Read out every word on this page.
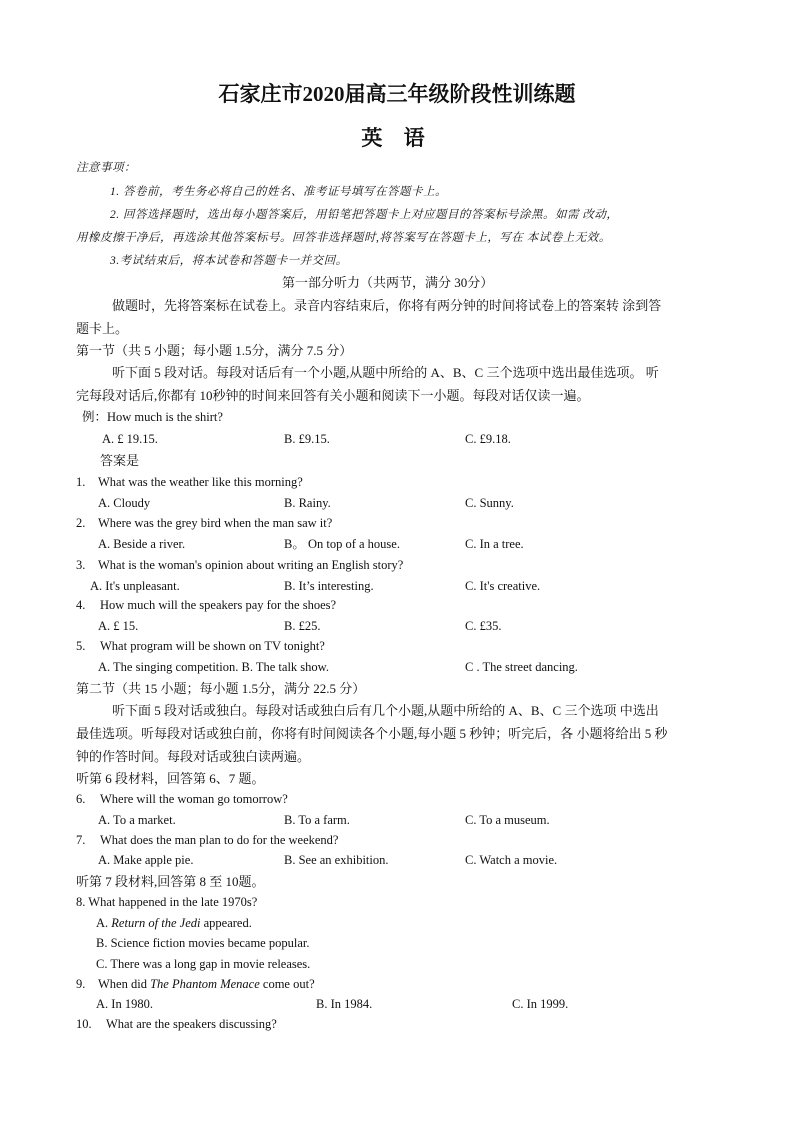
石家庄市2020届高三年级阶段性训练题
英 语
注意事项：
1. 答卷前，考生务必将自己的姓名、准考证号填写在答题卡上。
2. 回答选择题时，选出每小题答案后，用铅笔把答题卡上对应题目的答案标号涂黑。如需 改动，
用橡皮擦干净后，再选涂其他答案标号。回答非选择题时,将答案写在答题卡上，写在 本试卷上无效。
3.考试结束后，将本试卷和答题卡一并交回。
第一部分听力（共两节，满分 30分）
做题时，先将答案标在试卷上。录音内容结束后，你将有两分钟的时间将试卷上的答案转 涂到答
题卡上。
第一节（共 5 小题；每小题 1.5分，满分 7.5 分）
听下面 5 段对话。每段对话后有一个小题,从题中所给的 A、B、C 三个选项中选出最佳选项。 听
完每段对话后,你都有 10秒钟的时间来回答有关小题和阅读下一小题。每段对话仅读一遍。
例：How much is the shirt?
A. £ 19.15.	B. £9.15.	C. £9.18.
答案是
1. What was the weather like this morning?
A. Cloudy	B. Rainy.	C. Sunny.
2. Where was the grey bird when the man saw it?
A. Beside a river.	B。 On top of a house.	C. In a tree.
3. What is the woman's opinion about writing an English story?
A. It's unpleasant.	B. It’s interesting.	C. It's creative.
4. How much will the speakers pay for the shoes?
A. £ 15.	B. £25.	C. £35.
5. What program will be shown on TV tonight?
A. The singing competition. B. The talk show.	C . The street dancing.
第二节（共 15 小题；每小题 1.5分，满分 22.5 分）
听下面 5 段对话或独白。每段对话或独白后有几个小题,从题中所给的 A、B、C 三个选项 中选出
最佳选项。听每段对话或独白前，你将有时间阅读各个小题,每小题 5 秒钟；听完后，各 小题将给出 5 秒
钟的作答时间。每段对话或独白读两遍。
听第 6 段材料，回答第 6、7 题。
6. Where will the woman go tomorrow?
A. To a market.	B. To a farm.	C. To a museum.
7. What does the man plan to do for the weekend?
A. Make apple pie.	B. See an exhibition.	C. Watch a movie.
听第 7 段材料,回答第 8 至 10题。
8. What happened in the late 1970s?
A. Return of the Jedi appeared.
B. Science fiction movies became popular.
C. There was a long gap in movie releases.
9. When did The Phantom Menace come out?
A. In 1980.	B. In 1984.	C. In 1999.
10. What are the speakers discussing?
